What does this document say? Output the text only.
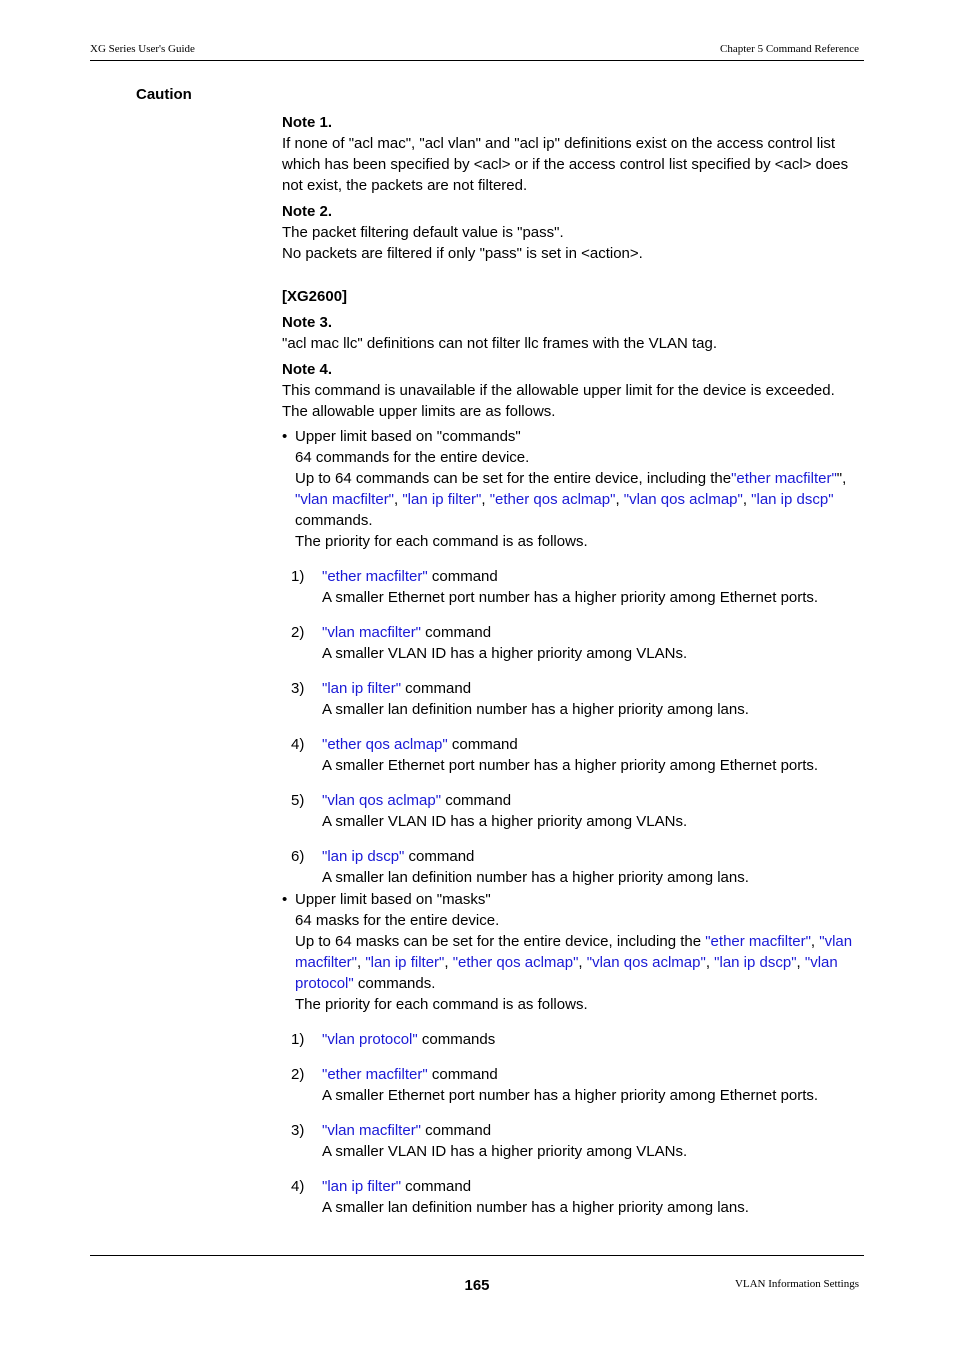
XG Series User's Guide	Chapter 5 Command Reference
Caution
Note 1.
If none of "acl mac", "acl vlan" and "acl ip" definitions exist on the access control list which has been specified by <acl> or if the access control list specified by <acl> does not exist, the packets are not filtered.
Note 2.
The packet filtering default value is "pass".
No packets are filtered if only "pass" is set in <action>.
[XG2600]
Note 3.
"acl mac llc" definitions can not filter llc frames with the VLAN tag.
Note 4.
This command is unavailable if the allowable upper limit for the device is exceeded.
The allowable upper limits are as follows.
• Upper limit based on "commands"
64 commands for the entire device.
Up to 64 commands can be set for the entire device, including the"ether macfilter"",
"vlan macfilter", "lan ip filter", "ether qos aclmap", "vlan qos aclmap", "lan ip dscp"
commands.
The priority for each command is as follows.
1) "ether macfilter" command
A smaller Ethernet port number has a higher priority among Ethernet ports.
2) "vlan macfilter" command
A smaller VLAN ID has a higher priority among VLANs.
3) "lan ip filter" command
A smaller lan definition number has a higher priority among lans.
4) "ether qos aclmap" command
A smaller Ethernet port number has a higher priority among Ethernet ports.
5) "vlan qos aclmap" command
A smaller VLAN ID has a higher priority among VLANs.
6) "lan ip dscp" command
A smaller lan definition number has a higher priority among lans.
• Upper limit based on "masks"
64 masks for the entire device.
Up to 64 masks can be set for the entire device, including the "ether macfilter", "vlan macfilter", "lan ip filter", "ether qos aclmap", "vlan qos aclmap", "lan ip dscp", "vlan protocol" commands.
The priority for each command is as follows.
1) "vlan protocol" commands
2) "ether macfilter" command
A smaller Ethernet port number has a higher priority among Ethernet ports.
3) "vlan macfilter" command
A smaller VLAN ID has a higher priority among VLANs.
4) "lan ip filter" command
A smaller lan definition number has a higher priority among lans.
165	VLAN Information Settings
